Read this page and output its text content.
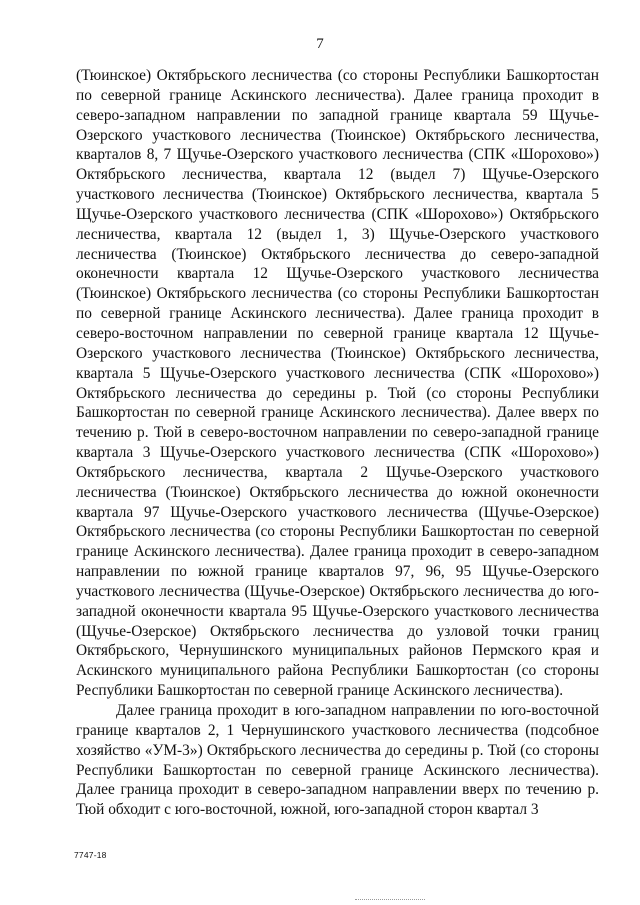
7

(Тюинское) Октябрьского лесничества (со стороны Республики Башкортостан по северной границе Аскинского лесничества). Далее граница проходит в северо-западном направлении по западной границе квартала 59 Щучье-Озерского участкового лесничества (Тюинское) Октябрьского лесничества, кварталов 8, 7 Щучье-Озерского участкового лесничества (СПК «Шорохово») Октябрьского лесничества, квартала 12 (выдел 7) Щучье-Озерского участкового лесничества (Тюинское) Октябрьского лесничества, квартала 5 Щучье-Озерского участкового лесничества (СПК «Шорохово») Октябрьского лесничества, квартала 12 (выдел 1, 3) Щучье-Озерского участкового лесничества (Тюинское) Октябрьского лесничества до северо-западной оконечности квартала 12 Щучье-Озерского участкового лесничества (Тюинское) Октябрьского лесничества (со стороны Республики Башкортостан по северной границе Аскинского лесничества). Далее граница проходит в северо-восточном направлении по северной границе квартала 12 Щучье-Озерского участкового лесничества (Тюинское) Октябрьского лесничества, квартала 5 Щучье-Озерского участкового лесничества (СПК «Шорохово») Октябрьского лесничества до середины р. Тюй (со стороны Республики Башкортостан по северной границе Аскинского лесничества). Далее вверх по течению р. Тюй в северо-восточном направлении по северо-западной границе квартала 3 Щучье-Озерского участкового лесничества (СПК «Шорохово») Октябрьского лесничества, квартала 2 Щучье-Озерского участкового лесничества (Тюинское) Октябрьского лесничества до южной оконечности квартала 97 Щучье-Озерского участкового лесничества (Щучье-Озерское) Октябрьского лесничества (со стороны Республики Башкортостан по северной границе Аскинского лесничества). Далее граница проходит в северо-западном направлении по южной границе кварталов 97, 96, 95 Щучье-Озерского участкового лесничества (Щучье-Озерское) Октябрьского лесничества до юго-западной оконечности квартала 95 Щучье-Озерского участкового лесничества (Щучье-Озерское) Октябрьского лесничества до узловой точки границ Октябрьского, Чернушинского муниципальных районов Пермского края и Аскинского муниципального района Республики Башкортостан (со стороны Республики Башкортостан по северной границе Аскинского лесничества).

Далее граница проходит в юго-западном направлении по юго-восточной границе кварталов 2, 1 Чернушинского участкового лесничества (подсобное хозяйство «УМ-3») Октябрьского лесничества до середины р. Тюй (со стороны Республики Башкортостан по северной границе Аскинского лесничества). Далее граница проходит в северо-западном направлении вверх по течению р. Тюй обходит с юго-восточной, южной, юго-западной сторон квартал 3

7747-18
